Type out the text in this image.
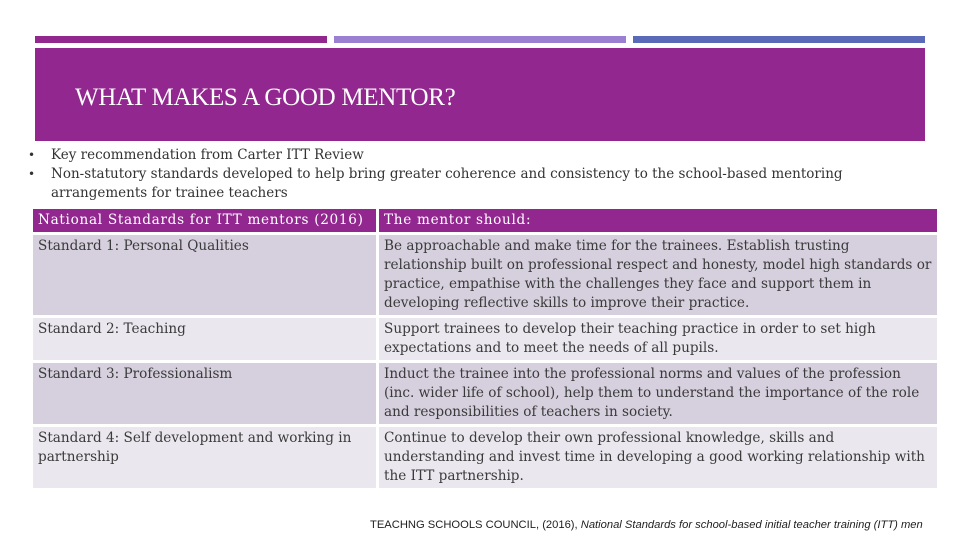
WHAT MAKES A GOOD MENTOR?
• Key recommendation from Carter ITT Review
• Non-statutory standards developed to help bring greater coherence and consistency to the school-based mentoring arrangements for trainee teachers
National Standards for ITT mentors (2016)	The mentor should:
Standard 1: Personal Qualities	Be approachable and make time for the trainees. Establish trusting relationship built on professional respect and honesty, model high standards or practice, empathise with the challenges they face and support them in developing reflective skills to improve their practice.
Standard 2: Teaching	Support trainees to develop their teaching practice in order to set high expectations and to meet the needs of all pupils.
Standard 3: Professionalism	Induct the trainee into the professional norms and values of the profession (inc. wider life of school), help them to understand the importance of the role and responsibilities of teachers in society.
Standard 4: Self development and working in partnership	Continue to develop their own professional knowledge, skills and understanding and invest time in developing a good working relationship with the ITT partnership.
TEACHNG SCHOOLS COUNCIL, (2016), National Standards for school-based initial teacher training (ITT) men
